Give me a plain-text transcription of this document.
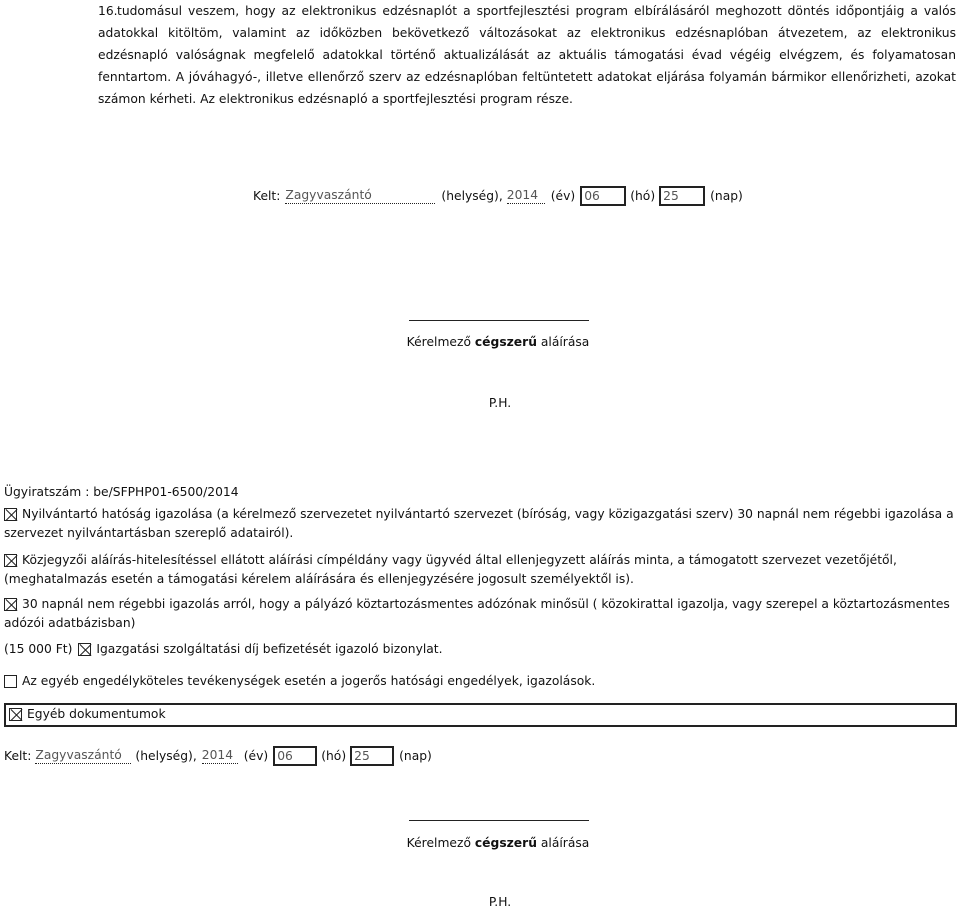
16. tudomásul veszem, hogy az elektronikus edzésnaplót a sportfejlesztési program elbírálásáról meghozott döntés időpontjáig a valós adatokkal kitöltöm, valamint az időközben bekövetkező változásokat az elektronikus edzésnaplóban átvezetem, az elektronikus edzésnapló valóságnak megfelelő adatokkal történő aktualizálását az aktuális támogatási évad végéig elvégzem, és folyamatosan fenntartom. A jóváhagyó-, illetve ellenőrző szerv az edzésnaplóban feltüntetett adatokat eljárása folyamán bármikor ellenőrizheti, azokat számon kérheti. Az elektronikus edzésnapló a sportfejlesztési program része.
Kelt: Zagyvaszántó	(helység), 2014	(év) 06	(hó) 25	(nap)
Kérelmező cégszerű aláírása
P.H.
Ügyiratszám : be/SFPHP01-6500/2014
Nyilvántartó hatóság igazolása (a kérelmező szervezetet nyilvántartó szervezet (bíróság, vagy közigazgatási szerv) 30 napnál nem régebbi igazolása a szervezet nyilvántartásban szereplő adatairól).
Közjegyzői aláírás-hitelesítéssel ellátott aláírási címpéldány vagy ügyvéd által ellenjegyzett aláírás minta, a támogatott szervezet vezetőjétől, (meghatalmazás esetén a támogatási kérelem aláírására és ellenjegyzésére jogosult személyektől is).
30 napnál nem régebbi igazolás arról, hogy a pályázó köztartozásmentes adózónak minősül ( közokirattal igazolja, vagy szerepel a köztartozásmentes adózói adatbázisban)
(15 000 Ft) Igazgatási szolgáltatási díj befizetését igazoló bizonylat.
Az egyéb engedélyköteles tevékenységek esetén a jogerős hatósági engedélyek, igazolások.
Egyéb dokumentumok
Kelt: Zagyvaszántó	(helység), 2014 (év) 06	(hó) 25	(nap)
Kérelmező cégszerű aláírása
P.H.
